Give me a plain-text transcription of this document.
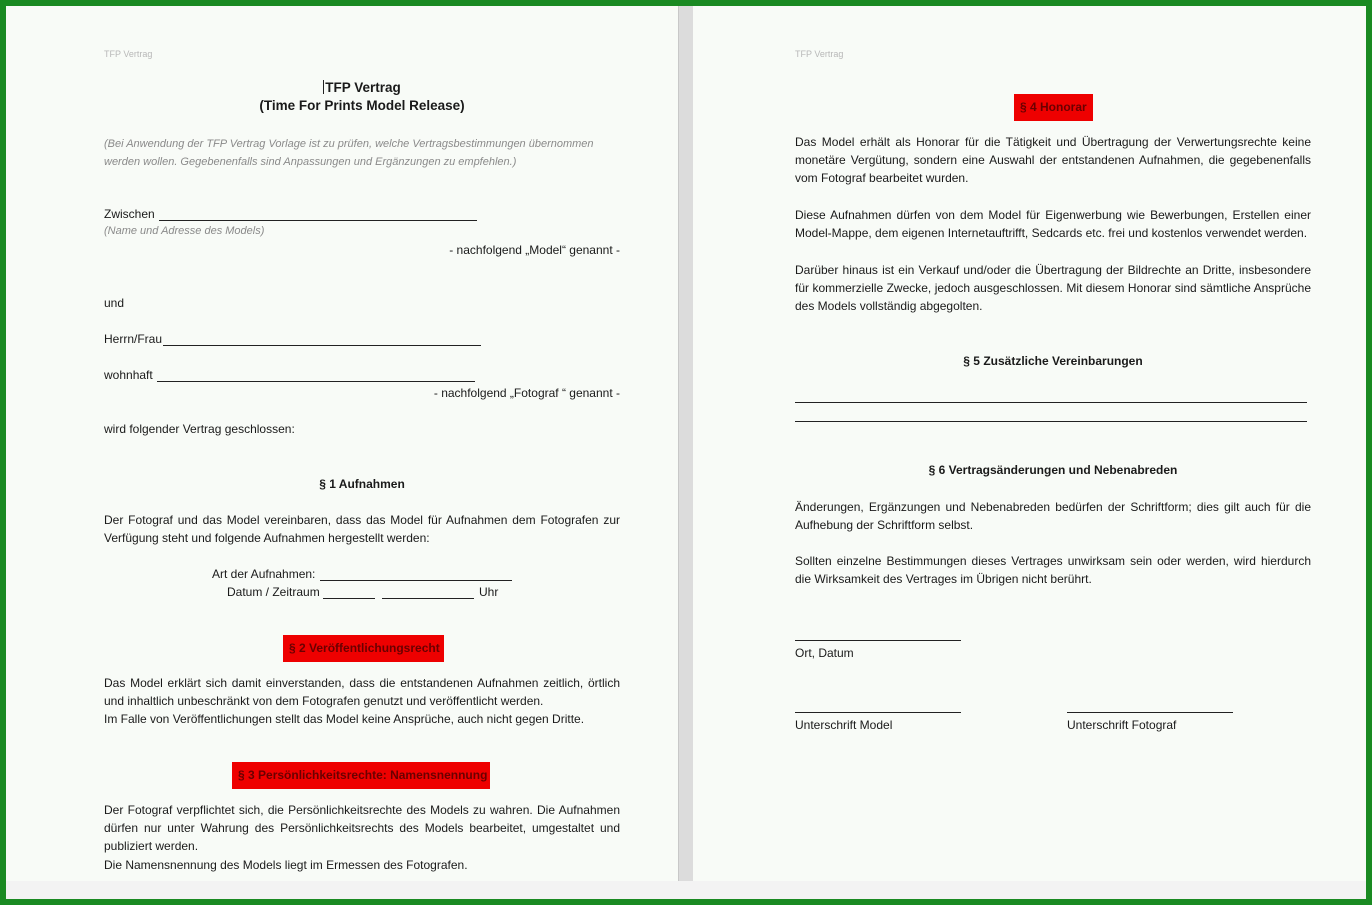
TFP Vertrag
TFP Vertrag
(Time For Prints Model Release)
(Bei Anwendung der TFP Vertrag Vorlage ist zu prüfen, welche Vertragsbestimmungen übernommen werden wollen. Gegebenenfalls sind Anpassungen und Ergänzungen zu empfehlen.)
Zwischen
(Name und Adresse des Models)
- nachfolgend „Model“ genannt -
und
Herrn/Frau
wohnhaft
- nachfolgend „Fotograf “ genannt -
wird folgender Vertrag geschlossen:
§ 1 Aufnahmen
Der Fotograf und das Model vereinbaren, dass das Model für Aufnahmen dem Fotografen zur Verfügung steht und folgende Aufnahmen hergestellt werden:
Art der Aufnahmen:
Datum / Zeitraum	Uhr
§ 2 Veröffentlichungsrecht
Das Model erklärt sich damit einverstanden, dass die entstandenen Aufnahmen zeitlich, örtlich und inhaltlich unbeschränkt von dem Fotografen genutzt und veröffentlicht werden.
Im Falle von Veröffentlichungen stellt das Model keine Ansprüche, auch nicht gegen Dritte.
§ 3 Persönlichkeitsrechte: Namensnennung
Der Fotograf verpflichtet sich, die Persönlichkeitsrechte des Models zu wahren. Die Aufnahmen dürfen nur unter Wahrung des Persönlichkeitsrechts des Models bearbeitet, umgestaltet und publiziert werden.
Die Namensnennung des Models liegt im Ermessen des Fotografen.
TFP Vertrag
§ 4 Honorar
Das Model erhält als Honorar für die Tätigkeit und Übertragung der Verwertungsrechte keine monetäre Vergütung, sondern eine Auswahl der entstandenen Aufnahmen, die gegebenenfalls vom Fotograf bearbeitet wurden.
Diese Aufnahmen dürfen von dem Model für Eigenwerbung wie Bewerbungen, Erstellen einer Model-Mappe, dem eigenen Internetauftrifft, Sedcards etc. frei und kostenlos verwendet werden.
Darüber hinaus ist ein Verkauf und/oder die Übertragung der Bildrechte an Dritte, insbesondere für kommerzielle Zwecke, jedoch ausgeschlossen. Mit diesem Honorar sind sämtliche Ansprüche des Models vollständig abgegolten.
§ 5 Zusätzliche Vereinbarungen
§ 6 Vertragsänderungen und Nebenabreden
Änderungen, Ergänzungen und Nebenabreden bedürfen der Schriftform; dies gilt auch für die Aufhebung der Schriftform selbst.
Sollten einzelne Bestimmungen dieses Vertrages unwirksam sein oder werden, wird hierdurch die Wirksamkeit des Vertrages im Übrigen nicht berührt.
Ort, Datum
Unterschrift Model	Unterschrift Fotograf
